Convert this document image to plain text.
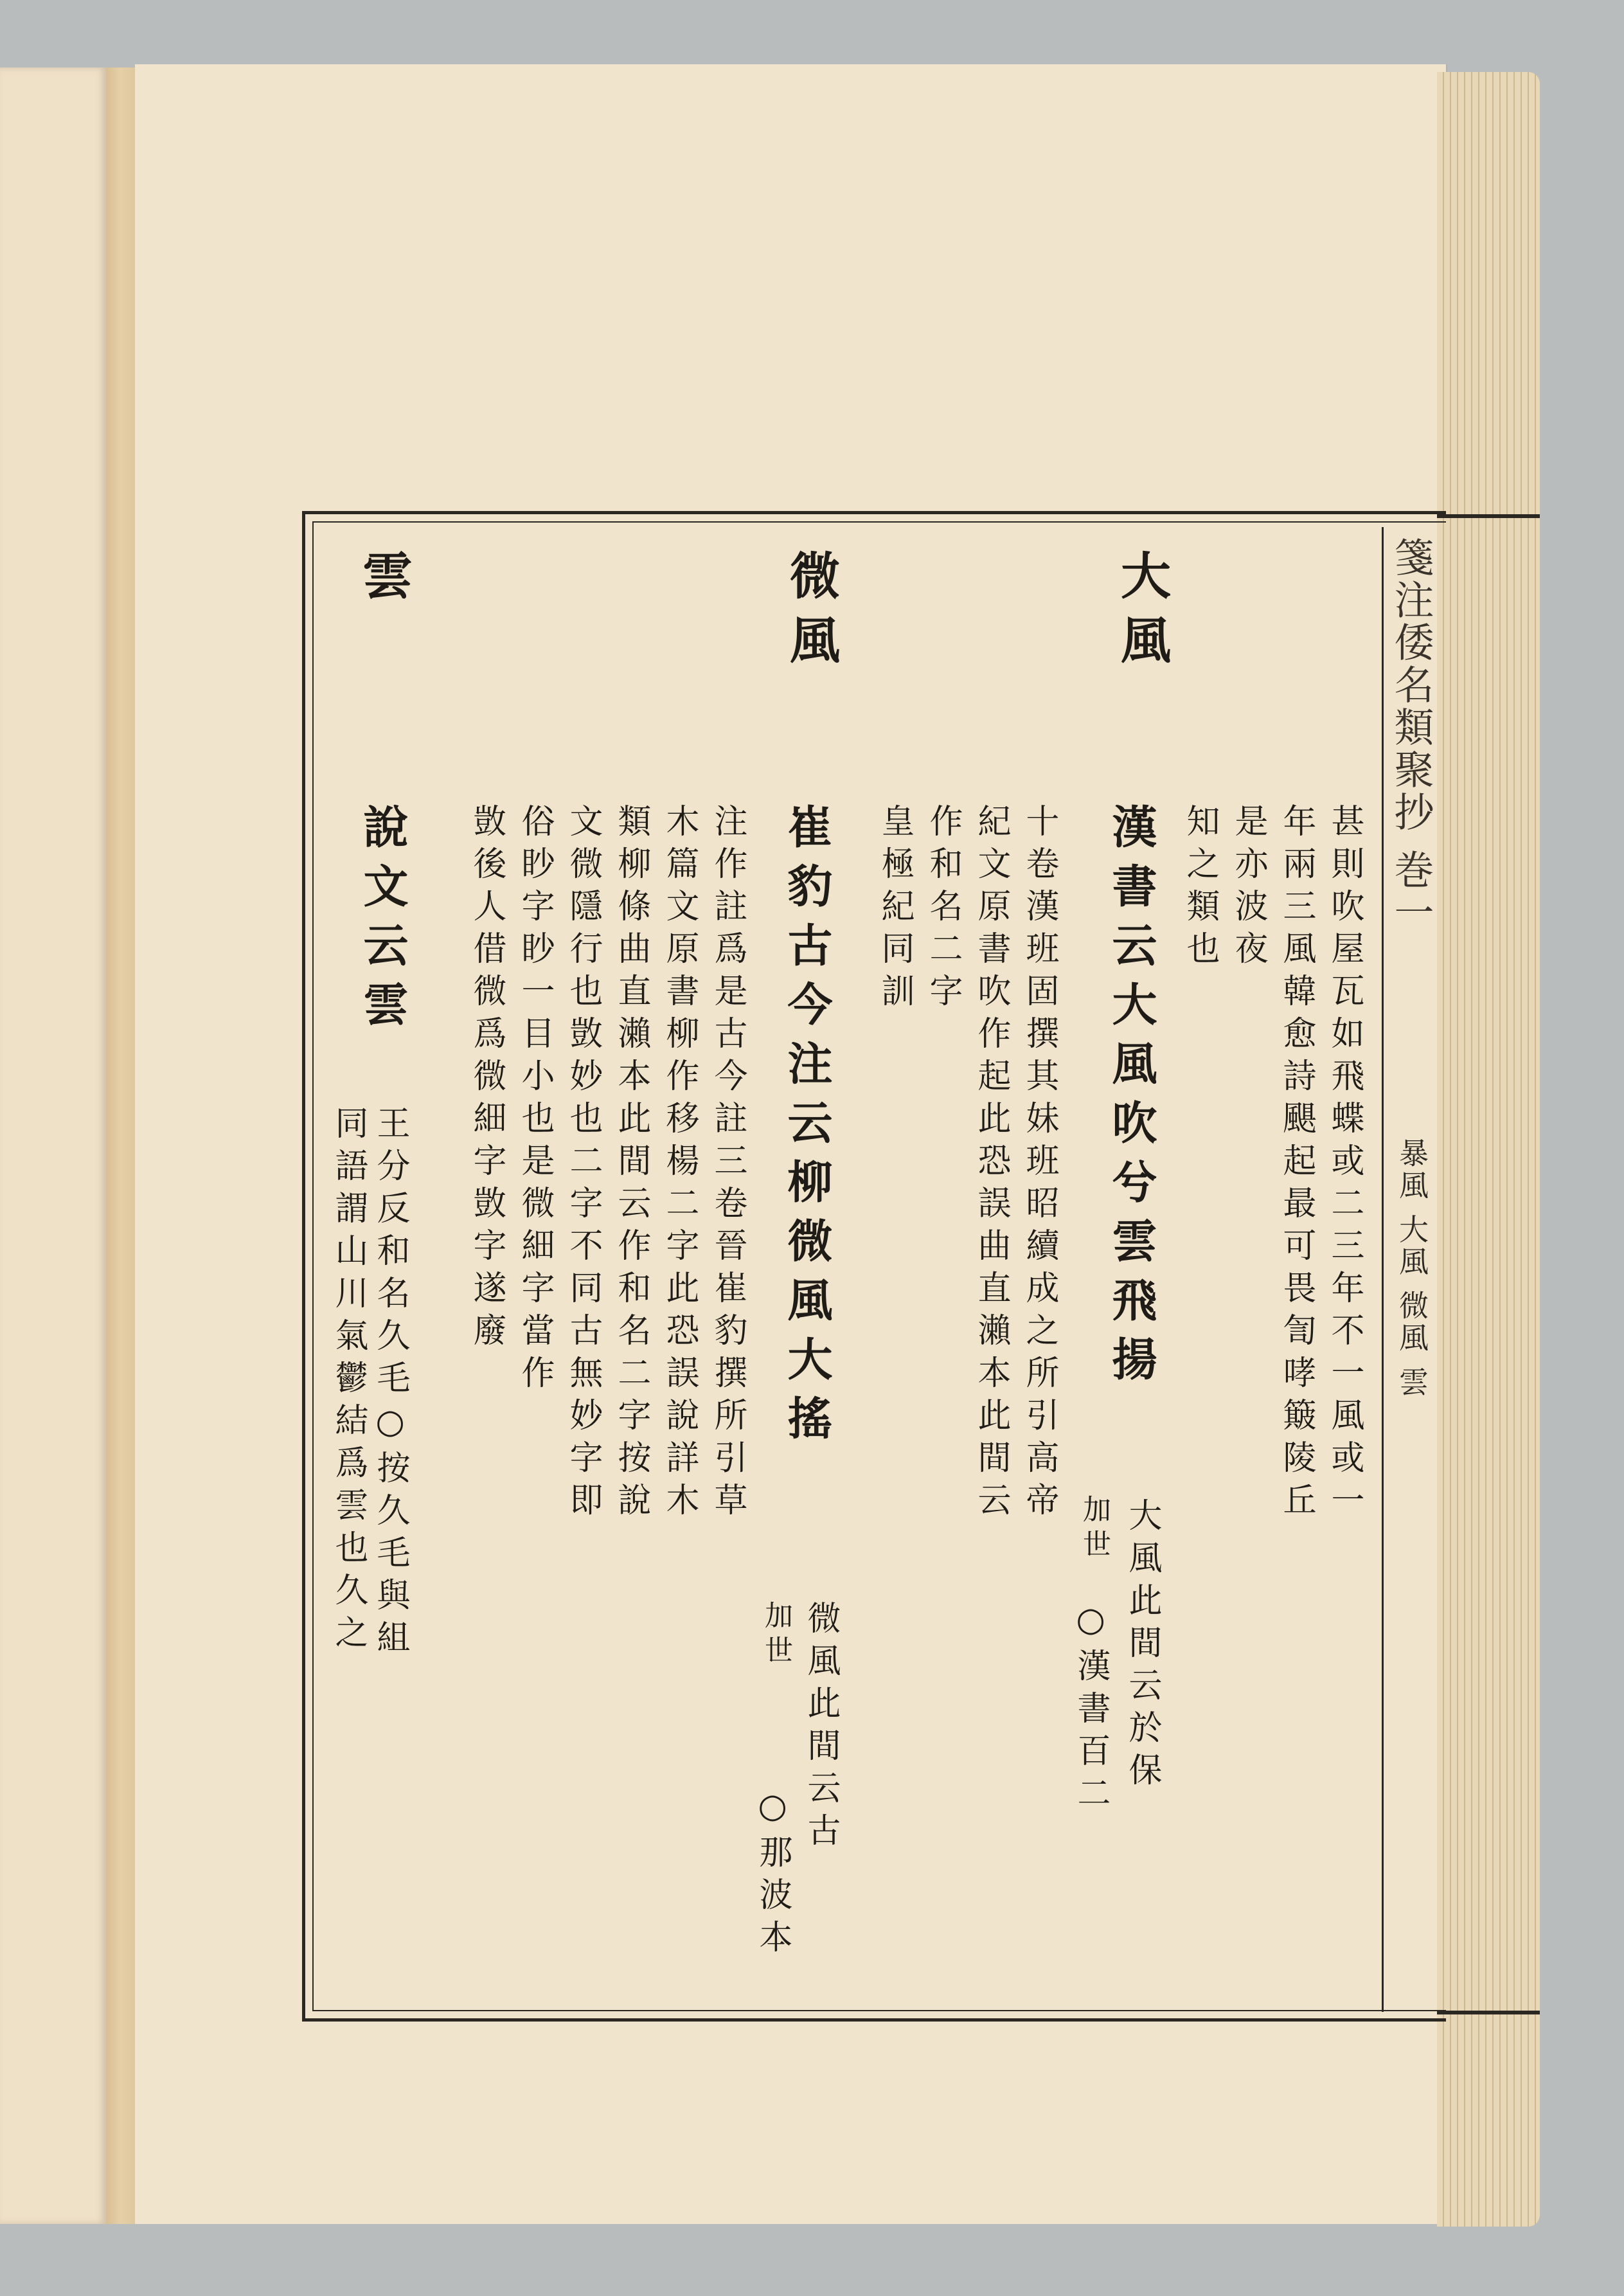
箋注倭名類聚抄 巻一
暴風 大風 微風 雲
甚則吹屋瓦如飛蝶或二三年不一風或一
年兩三風韓愈詩颶起最可畏訇哮簸陵丘
是亦波夜
知之類也
大風
漢書云大風吹兮雲飛揚
加世 大風此間云於保
十卷漢班固撰其妹班昭續成之所引高帝
○漢書百二
紀文原書吹作起此恐誤曲直瀨本此間云
作和名二字
皇極紀同訓
微風
崔豹古今注云柳微風大搖
加世 微風此間云古
注作註爲是古今註三卷晉崔豹撰所引草
○那波本
木篇文原書柳作移楊二字此恐誤說詳木
類柳條曲直瀨本此間云作和名二字按說
文微隱行也敳妙也二字不同古無妙字即
俗眇字眇一目小也是微細字當作
敳後人借微爲微細字敳字遂廢
雲
說文云雲
王分反和名久毛○按久毛與組
同語謂山川氣鬱結爲雲也久之
